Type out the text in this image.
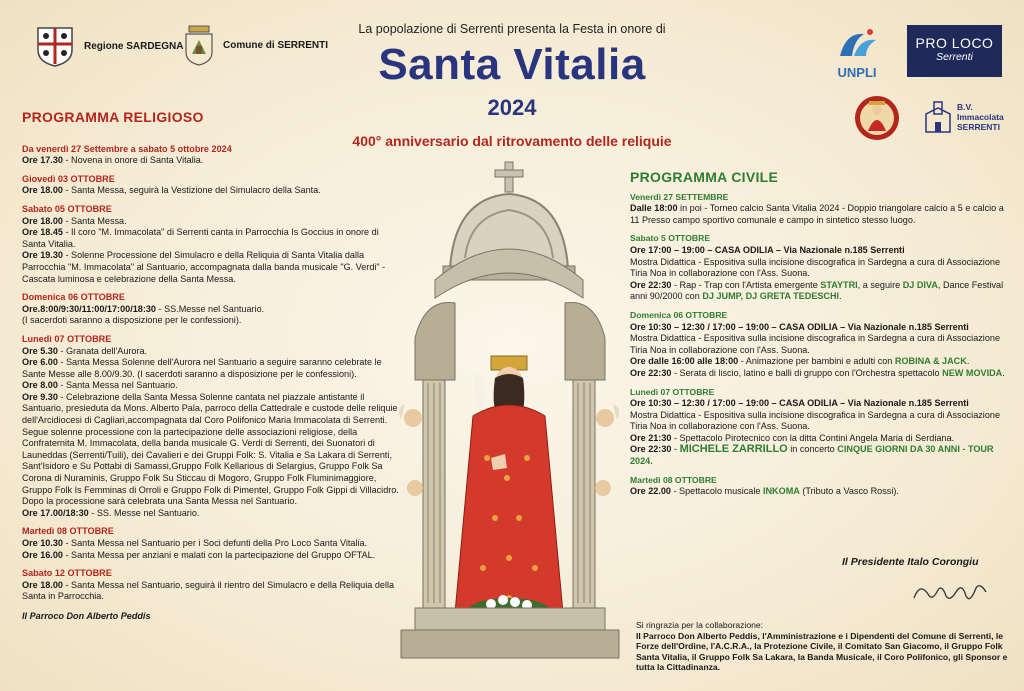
Regione SARDEGNA	Comune di SERRENTI
La popolazione di Serrenti presenta la Festa in onore di
Santa Vitalia
2024
400° anniversario dal ritrovamento delle reliquie
UNPLI
PRO LOCO
Serrenti
B.V.
Immacolata
SERRENTI
PROGRAMMA RELIGIOSO
Da venerdì 27 Settembre a sabato 5 ottobre 2024
Ore 17.30 - Novena in onore di Santa Vitalia.
Giovedì 03 OTTOBRE
Ore 18.00 - Santa Messa, seguirà la Vestizione del Simulacro della Santa.
Sabato 05 OTTOBRE
Ore 18.00 - Santa Messa.
Ore 18.45 - Il coro "M. Immacolata" di Serrenti canta in Parrocchia Is Goccius in onore di Santa Vitalia.
Ore 19.30 - Solenne Processione del Simulacro e della Reliquia di Santa Vitalia dalla Parrocchia "M. Immacolata" al Santuario, accompagnata dalla banda musicale "G. Verdi" - Cascata luminosa e celebrazione della Santa Messa.
Domenica 06 OTTOBRE
Ore.8:00/9:30/11:00/17:00/18:30 - SS.Messe nel Santuario.
(I sacerdoti saranno a disposizione per le confessioni).
Lunedì 07 OTTOBRE
Ore 5.30 - Granata dell'Aurora.
Ore 6.00 - Santa Messa Solenne dell'Aurora nel Santuario a seguire saranno celebrate le Sante Messe alle 8.00/9.30. (I sacerdoti saranno a disposizione per le confessioni).
Ore 8.00 - Santa Messa nel Santuario.
Ore 9.30 - Celebrazione della Santa Messa Solenne cantata nel piazzale antistante il Santuario, presieduta da Mons. Alberto Pala, parroco della Cattedrale e custode delle reliquie dell'Arcidiocesi di Cagliari,accompagnata dal Coro Polifonico Maria Immacolata di Serrenti.
Segue solenne processione con la partecipazione delle associazioni religiose, della Confraternita M. Immacolata, della banda musicale G. Verdi di Serrenti, dei Suonatori di Launeddas (Serrenti/Tuili), dei Cavalieri e dei Gruppi Folk: S. Vitalia e Sa Lakara di Serrenti, Sant'Isidoro e Su Pottabi di Samassi,Gruppo Folk Kellarious di Selargius, Gruppo Folk Sa Corona di Nuraminis, Gruppo Folk Su Sticcau di Mogoro, Gruppo Folk Fluminimaggiore, Gruppo Folk Is Femminas di Orroli e Gruppo Folk di Pimentel, Gruppo Folk Gippi di Villacidro.
Dopo la processione sarà celebrata una Santa Messa nel Santuario.
Ore 17.00/18:30 - SS. Messe nel Santuario.
Martedì 08 OTTOBRE
Ore 10.30 - Santa Messa nel Santuario per i Soci defunti della Pro Loco Santa Vitalia.
Ore 16.00 - Santa Messa per anziani e malati con la partecipazione del Gruppo OFTAL.
Sabato 12 OTTOBRE
Ore 18.00 - Santa Messa nel Santuario, seguirà il rientro del Simulacro e della Reliquia della Santa in Parrocchia.
Il Parroco Don Alberto Peddis
PROGRAMMA CIVILE
Venerdì 27 SETTEMBRE
Dalle 18:00 in poi - Torneo calcio Santa Vitalia 2024 - Doppio triangolare calcio a 5 e calcio a 11 Presso campo sportivo comunale e campo in sintetico stesso luogo.
Sabato 5 OTTOBRE
Ore 17:00 – 19:00 – CASA ODILIA – Via Nazionale n.185 Serrenti
Mostra Didattica - Espositiva sulla incisione discografica in Sardegna a cura di Associazione Tiria Noa in collaborazione con l'Ass. Suona.
Ore 22:30 - Rap - Trap con l'Artista emergente STAYTRI, a seguire DJ DIVA, Dance Festival anni 90/2000 con DJ JUMP, DJ GRETA TEDESCHI.
Domenica 06 OTTOBRE
Ore 10:30 – 12:30 / 17:00 – 19:00 – CASA ODILIA – Via Nazionale n.185 Serrenti
Mostra Didattica - Espositiva sulla incisione discografica in Sardegna a cura di Associazione Tiria Noa in collaborazione con l'Ass. Suona.
Ore dalle 16:00 alle 18:00 - Animazione per bambini e adulti con ROBINA & JACK.
Ore 22:30 - Serata di liscio, latino e balli di gruppo con l'Orchestra spettacolo NEW MOVIDA.
Lunedì 07 OTTOBRE
Ore 10:30 – 12:30 / 17:00 – 19:00 – CASA ODILIA – Via Nazionale n.185 Serrenti
Mostra Didattica - Espositiva sulla incisione discografica in Sardegna a cura di Associazione Tiria Noa in collaborazione con l'Ass. Suona.
Ore 21:30 - Spettacolo Pirotecnico con la ditta Contini Angela Maria di Serdiana.
Ore 22:30 - MICHELE ZARRILLO in concerto CINQUE GIORNI DA 30 ANNI - TOUR 2024.
Martedì 08 OTTOBRE
Ore 22.00 - Spettacolo musicale INKOMA (Tributo a Vasco Rossi).
Il Presidente Italo Corongiu
Si ringrazia per la collaborazione:
Il Parroco Don Alberto Peddis, l'Amministrazione e i Dipendenti del Comune di Serrenti, le Forze dell'Ordine, l'A.C.R.A., la Protezione Civile, il Comitato San Giacomo, il Gruppo Folk Santa Vitalia, il Gruppo Folk Sa Lakara, la Banda Musicale, il Coro Polifonico, gli Sponsor e tutta la Cittadinanza.
